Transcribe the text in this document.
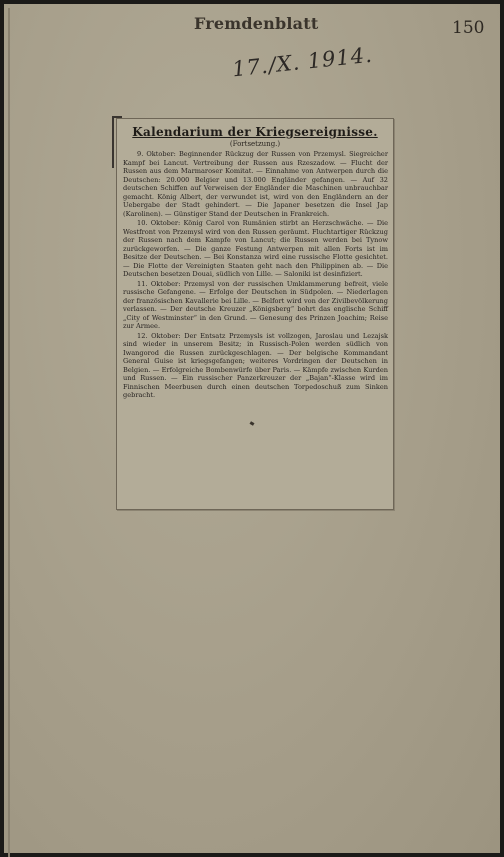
Fremdenblatt	150
17./X. 1914.
Kalendarium der Kriegsereignisse.
(Fortsetzung.)

9. Oktober: Beginnender Rückzug der Russen von Przemysl. Siegreicher Kampf bei Lancut. Vertreibung der Russen aus Rzeszadow. — Flucht der Russen aus dem Marmaroser Komitat. — Einnahme von Antwerpen durch die Deutschen: 20.000 Belgier und 13.000 Engländer gefangen. — Auf 32 deutschen Schiffen auf Verweisen der Engländer die Maschinen unbrauchbar gemacht. König Albert, der verwundet ist, wird von den Engländern an der Uebergabe der Stadt gehindert. — Die Japaner besetzen die Insel Jap (Karolinen). — Günstiger Stand der Deutschen in Frankreich.

10. Oktober: König Carol von Rumänien stirbt an Herzschwäche. — Die Westfront von Przemysl wird von den Russen geräumt. Fluchtartiger Rückzug der Russen nach dem Kampfe von Lancut; die Russen werden bei Tynow zurückgeworfen. — Die ganze Festung Antwerpen mit allen Forts ist im Besitze der Deutschen. — Bei Konstanza wird eine russische Flotte gesichtet. — Die Flotte der Vereinigten Staaten geht nach den Philippinen ab. — Die Deutschen besetzen Douai, südlich von Lille. — Saloniki ist desinfiziert.

11. Oktober: Przemysl von der russischen Umklammerung befreit, viele russische Gefangene. — Erfolge der Deutschen in Südpolen. — Niederlagen der französischen Kavallerie bei Lille. — Belfort wird von der Zivilbevölkerung verlassen. — Der deutsche Kreuzer „Königsberg“ bohrt das englische Schiff „City of Westminster“ in den Grund. — Genesung des Prinzen Joachim; Reise zur Armee.

12. Oktober: Der Entsatz Przemysls ist vollzogen, Jaroslau und Lezajsk sind wieder in unserem Besitz; in Russisch-Polen werden südlich von Iwangorod die Russen zurückgeschlagen. — Der belgische Kommandant General Guise ist kriegsgefangen; weiteres Vordringen der Deutschen in Belgien. — Erfolgreiche Bombenwürfe über Paris. — Kämpfe zwischen Kurden und Russen. — Ein russischer Panzerkreuzer der „Bajan“-Klasse wird im Finnischen Meerbusen durch einen deutschen Torpedoschuß zum Sinken gebracht.
